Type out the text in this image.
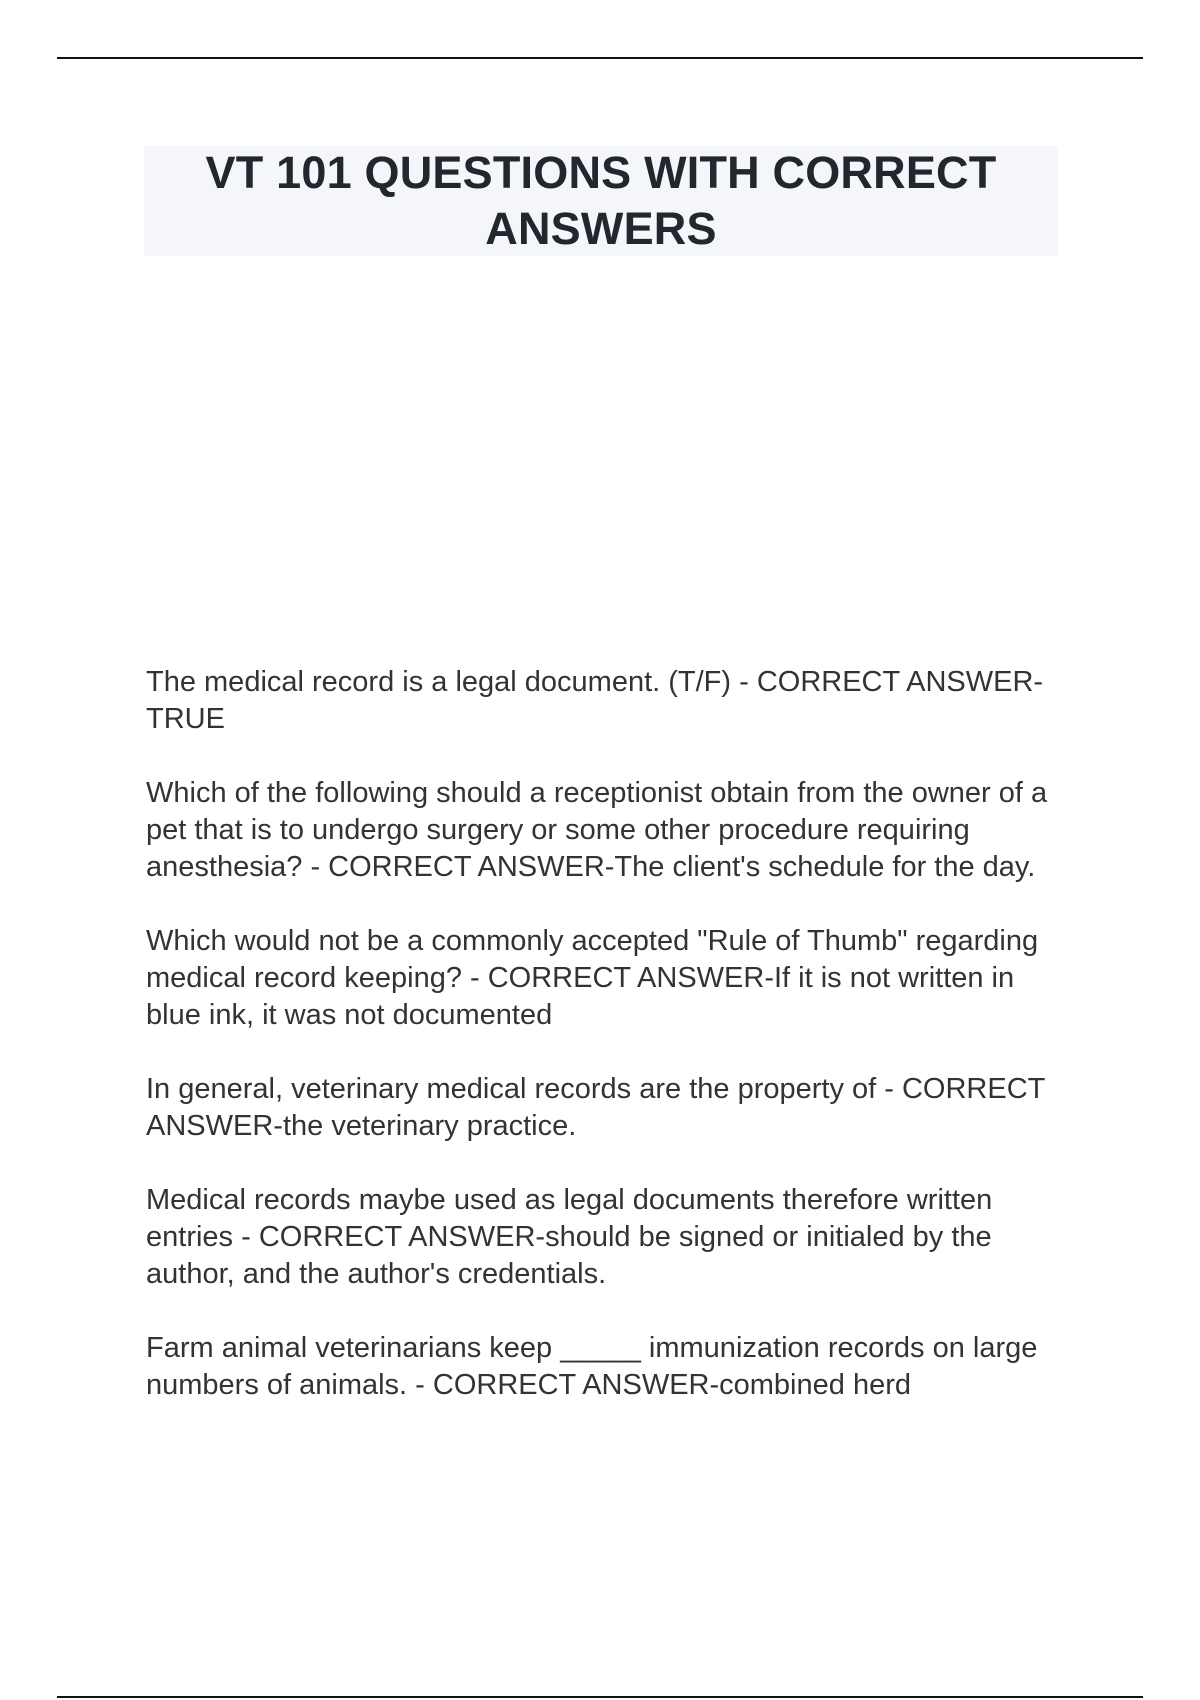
VT 101 QUESTIONS WITH CORRECT ANSWERS
The medical record is a legal document. (T/F) - CORRECT ANSWER-TRUE
Which of the following should a receptionist obtain from the owner of a pet that is to undergo surgery or some other procedure requiring anesthesia? - CORRECT ANSWER-The client's schedule for the day.
Which would not be a commonly accepted "Rule of Thumb" regarding medical record keeping? - CORRECT ANSWER-If it is not written in blue ink, it was not documented
In general, veterinary medical records are the property of - CORRECT ANSWER-the veterinary practice.
Medical records maybe used as legal documents therefore written entries - CORRECT ANSWER-should be signed or initialed by the author, and the author's credentials.
Farm animal veterinarians keep _____ immunization records on large numbers of animals. - CORRECT ANSWER-combined herd
